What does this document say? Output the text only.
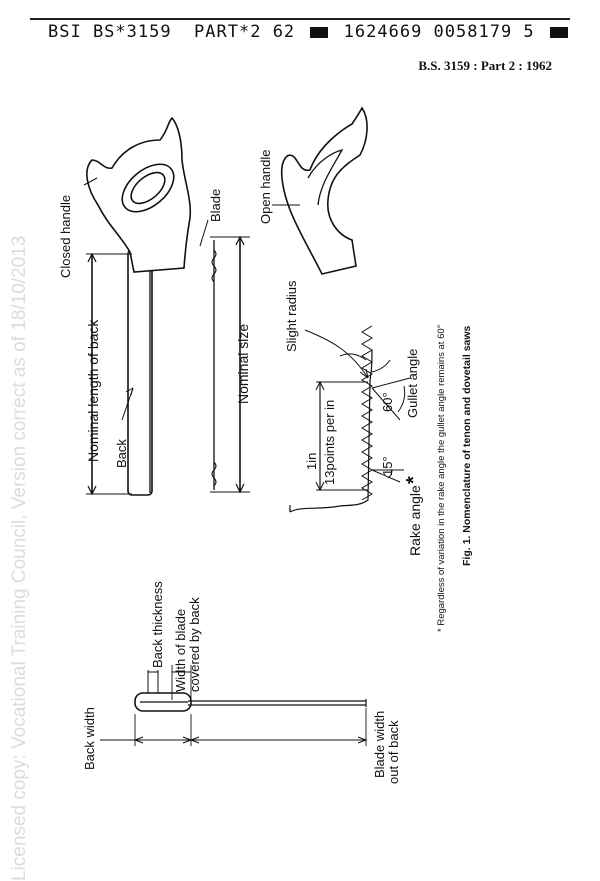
BSI BS*3159  PART*2 62	1624669 0058179 5
B.S. 3159 : Part 2 : 1962
Licensed copy: Vocational Training Council, Version correct as of 18/10/2013 Closed handle	Blade
Nominal length of back Back
Nominal size
Open handle
Slight radius
Gullet angle
60°
1in 13points per in	15°
Rake angle
* * Regardless of variation in the rake angle the gullet angle remains at 60° Fig. 1. Nomenclature of tenon and dovetail saws
Back thickness Width of blade covered by back
Back width	Blade width out of back
